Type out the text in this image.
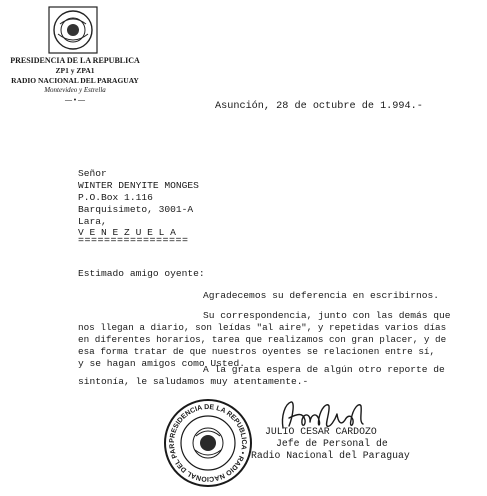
PRESIDENCIA DE LA REPUBLICA
ZP1 y ZPA1
RADIO NACIONAL DEL PARAGUAY
Montevideo y Estrella
— • —
Asunción, 28 de octubre de 1.994.-
Señor
WINTER DENYITE MONGES
P.O.Box 1.116
Barquisimeto, 3001-A
Lara,
V E N E Z U E L A
=================
Estimado amigo oyente:
Agradecemos su deferencia en escribirnos.
Su correspondencia, junto con las demás que
nos llegan a diario, son leídas "al aire", y repetidas varios días
en diferentes horarios, tarea que realizamos con gran placer, y de
esa forma tratar de que nuestros oyentes se relacionen entre sí,
y se hagan amigos como Usted.
A la grata espera de algún otro reporte de
sintonía, le saludamos muy atentamente.-
PRESIDENCIA DE LA REPUBLICA • RADIO NACIONAL DEL PAR
JULIO CESAR CARDOZO
Jefe de Personal de
Radio Nacional del Paraguay
